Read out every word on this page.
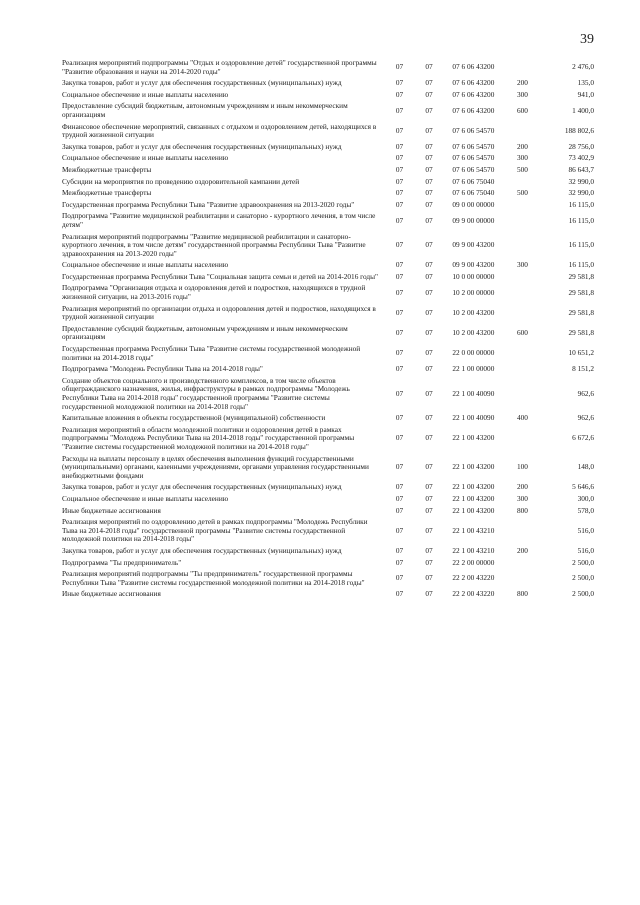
39
Реализация мероприятий подпрограммы "Отдых и оздоровление детей" государственной программы "Развитие образования и науки на 2014-2020 годы"	07	07	07 6 06 43200		2 476,0
Закупка товаров, работ и услуг для обеспечения государственных (муниципальных) нужд	07	07	07 6 06 43200	200	135,0
Социальное обеспечение и иные выплаты населению	07	07	07 6 06 43200	300	941,0
Предоставление субсидий бюджетным, автономным учреждениям и иным некоммерческим организациям	07	07	07 6 06 43200	600	1 400,0
Финансовое обеспечение мероприятий, связанных с отдыхом и оздоровлением детей, находящихся в трудной жизненной ситуации	07	07	07 6 06 54570		188 802,6
Закупка товаров, работ и услуг для обеспечения государственных (муниципальных) нужд	07	07	07 6 06 54570	200	28 756,0
Социальное обеспечение и иные выплаты населению	07	07	07 6 06 54570	300	73 402,9
Межбюджетные трансферты	07	07	07 6 06 54570	500	86 643,7
Субсидии на мероприятия по проведению оздоровительной кампании детей	07	07	07 6 06 75040		32 990,0
Межбюджетные трансферты	07	07	07 6 06 75040	500	32 990,0
Государственная программа Республики Тыва "Развитие здравоохранения на 2013-2020 годы"	07	07	09 0 00 00000		16 115,0
Подпрограмма "Развитие медицинской реабилитации и санаторно - курортного лечения, в том числе детям"	07	07	09 9 00 00000		16 115,0
Реализация мероприятий подпрограммы "Развитие медицинской реабилитации и санаторно-курортного лечения, в том числе детям" государственной программы Республики Тыва "Развитие здравоохранения на 2013-2020 годы"	07	07	09 9 00 43200		16 115,0
Социальное обеспечение и иные выплаты населению	07	07	09 9 00 43200	300	16 115,0
Государственная программа Республики Тыва "Социальная защита семьи и детей на 2014-2016 годы"	07	07	10 0 00 00000		29 581,8
Подпрограмма "Организация отдыха и оздоровления детей и подростков, находящихся в трудной жизненной ситуации, на 2013-2016 годы"	07	07	10 2 00 00000		29 581,8
Реализация мероприятий по организации отдыха и оздоровления детей и подростков, находящихся в трудной жизненной ситуации	07	07	10 2 00 43200		29 581,8
Предоставление субсидий бюджетным, автономным учреждениям и иным некоммерческим организациям	07	07	10 2 00 43200	600	29 581,8
Государственная программа Республики Тыва "Развитие системы государственной молодежной политики на 2014-2018 годы"	07	07	22 0 00 00000		10 651,2
Подпрограмма "Молодежь Республики Тыва на 2014-2018 годы"	07	07	22 1 00 00000		8 151,2
Создание объектов социального и производственного комплексов, в том числе объектов общегражданского назначения, жилья, инфраструктуры в рамках подпрограммы "Молодежь Республики Тыва на 2014-2018 годы" государственной программы "Развитие системы государственной молодежной политики на 2014-2018 годы"	07	07	22 1 00 40090		962,6
Капитальные вложения в объекты государственной (муниципальной) собственности	07	07	22 1 00 40090	400	962,6
Реализация мероприятий в области молодежной политики и оздоровления детей в рамках подпрограммы "Молодежь Республики Тыва на 2014-2018 годы" государственной программы "Развитие системы государственной молодежной политики на 2014-2018 годы"	07	07	22 1 00 43200		6 672,6
Расходы на выплаты персоналу в целях обеспечения выполнения функций государственными (муниципальными) органами, казенными учреждениями, органами управления государственными внебюджетными фондами	07	07	22 1 00 43200	100	148,0
Закупка товаров, работ и услуг для обеспечения государственных (муниципальных) нужд	07	07	22 1 00 43200	200	5 646,6
Социальное обеспечение и иные выплаты населению	07	07	22 1 00 43200	300	300,0
Иные бюджетные ассигнования	07	07	22 1 00 43200	800	578,0
Реализация мероприятий по оздоровлению детей в рамках подпрограммы "Молодежь Республики Тыва на 2014-2018 годы" государственной программы "Развитие системы государственной молодежной политики на 2014-2018 годы"	07	07	22 1 00 43210		516,0
Закупка товаров, работ и услуг для обеспечения государственных (муниципальных) нужд	07	07	22 1 00 43210	200	516,0
Подпрограмма "Ты предприниматель"	07	07	22 2 00 00000		2 500,0
Реализация мероприятий подпрограммы "Ты предприниматель" государственной программы Республики Тыва "Развитие системы государственной молодежной политики на 2014-2018 годы"	07	07	22 2 00 43220		2 500,0
Иные бюджетные ассигнования	07	07	22 2 00 43220	800	2 500,0
